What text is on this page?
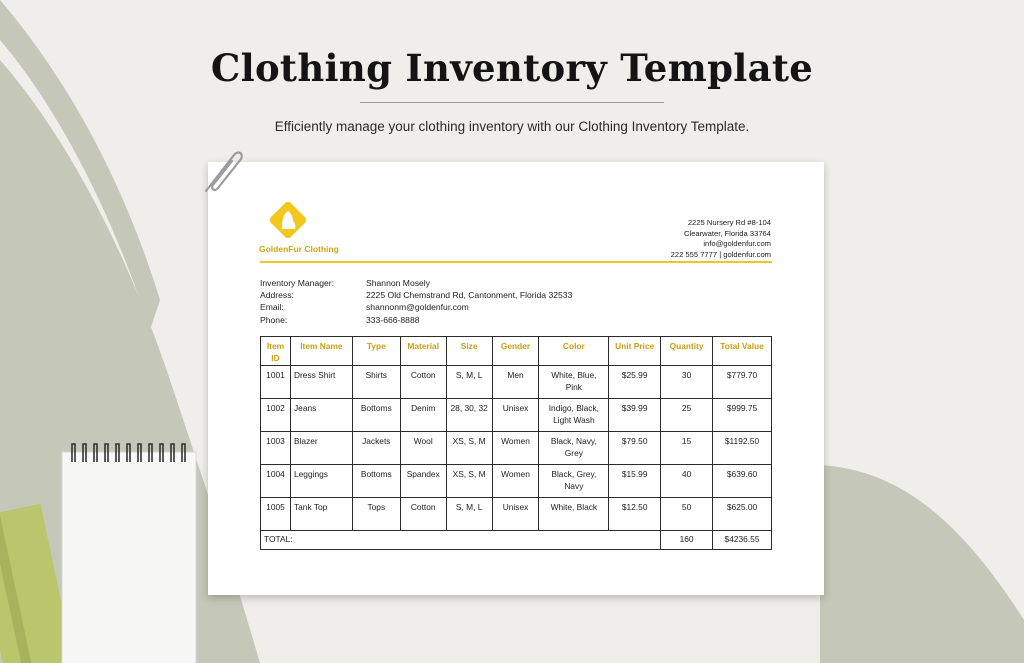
Clothing Inventory Template
Efficiently manage your clothing inventory with our Clothing Inventory Template.
GoldenFur Clothing
2225 Nursery Rd #8-104
Clearwater, Florida 33764
info@goldenfur.com
222 555 7777 | goldenfur.com
Inventory Manager:	Shannon Mosely
Address:	2225 Old Chemstrand Rd, Cantonment, Florida 32533
Email:	shannonm@goldenfur.com
Phone:	333-666-8888
Item ID	Item Name	Type	Material	Size	Gender	Color	Unit Price	Quantity	Total Value
1001	Dress Shirt	Shirts	Cotton	S, M, L	Men	White, Blue, Pink	$25.99	30	$779.70
1002	Jeans	Bottoms	Denim	28, 30, 32	Unisex	Indigo, Black, Light Wash	$39.99	25	$999.75
1003	Blazer	Jackets	Wool	XS, S, M	Women	Black, Navy, Grey	$79.50	15	$1192.50
1004	Leggings	Bottoms	Spandex	XS, S, M	Women	Black, Grey, Navy	$15.99	40	$639.60
1005	Tank Top	Tops	Cotton	S, M, L	Unisex	White, Black	$12.50	50	$625.00
TOTAL:								160	$4236.55
